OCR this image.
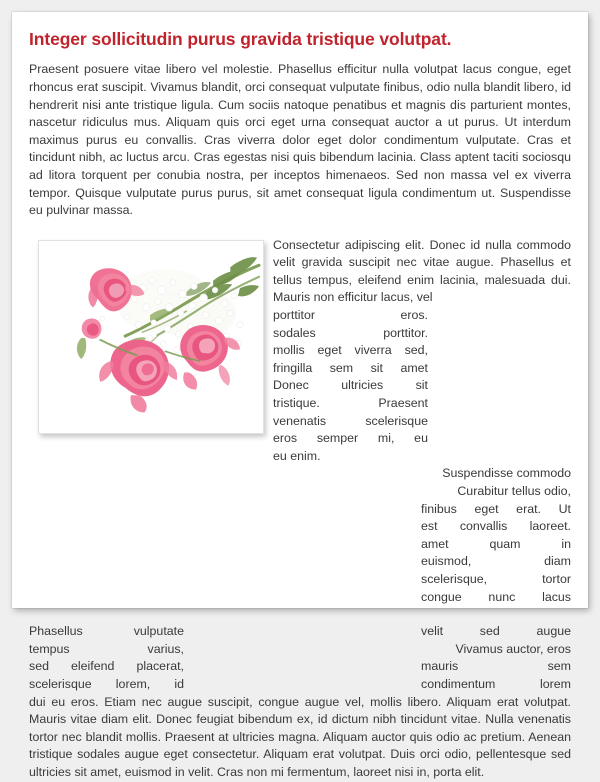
Integer sollicitudin purus gravida tristique volutpat.

Praesent posuere vitae libero vel molestie. Phasellus efficitur nulla volutpat lacus congue, eget rhoncus erat suscipit. Vivamus blandit, orci consequat vulputate finibus, odio nulla blandit libero, id hendrerit nisi ante tristique ligula. Cum sociis natoque penatibus et magnis dis parturient montes, nascetur ridiculus mus. Aliquam quis orci eget urna consequat auctor a ut purus. Ut interdum maximus purus eu convallis. Cras viverra dolor eget dolor condimentum vulputate. Cras et tincidunt nibh, ac luctus arcu. Cras egestas nisi quis bibendum lacinia. Class aptent taciti sociosqu ad litora torquent per conubia nostra, per inceptos himenaeos. Sed non massa vel ex viverra tempor. Quisque vulputate purus purus, sit amet consequat ligula condimentum ut. Suspendisse eu pulvinar massa.

Consectetur adipiscing elit. Donec id nulla commodo velit gravida suscipit nec vitae augue. Phasellus et tellus tempus, eleifend enim lacinia, malesuada dui. Mauris non efficitur lacus, vel

porttitor	eros.
sodales	porttitor.
mollis eget viverra sed,
fringilla sem sit amet
Donec	ultricies	sit
tristique.	Praesent
venenatis	scelerisque
eros semper mi, eu
eu enim.
Suspendisse commodo
Curabitur tellus odio,
finibus eget erat. Ut
est convallis laoreet.
amet	quam	in
euismod,	diam
scelerisque,	tortor
congue nunc lacus
Phasellus	vulputate
tempus	varius,
sed eleifend placerat,
scelerisque lorem, id
velit	sed	augue
Vivamus auctor, eros
mauris	sem
condimentum	lorem

dui eu eros. Etiam nec augue suscipit, congue augue vel, mollis libero. Aliquam erat volutpat. Mauris vitae diam elit. Donec feugiat bibendum ex, id dictum nibh tincidunt vitae. Nulla venenatis tortor nec blandit mollis. Praesent at ultricies magna. Aliquam auctor quis odio ac pretium. Aenean tristique sodales augue eget consectetur. Aliquam erat volutpat. Duis orci odio, pellentesque sed ultricies sit amet, euismod in velit. Cras non mi fermentum, laoreet nisi in, porta elit.
